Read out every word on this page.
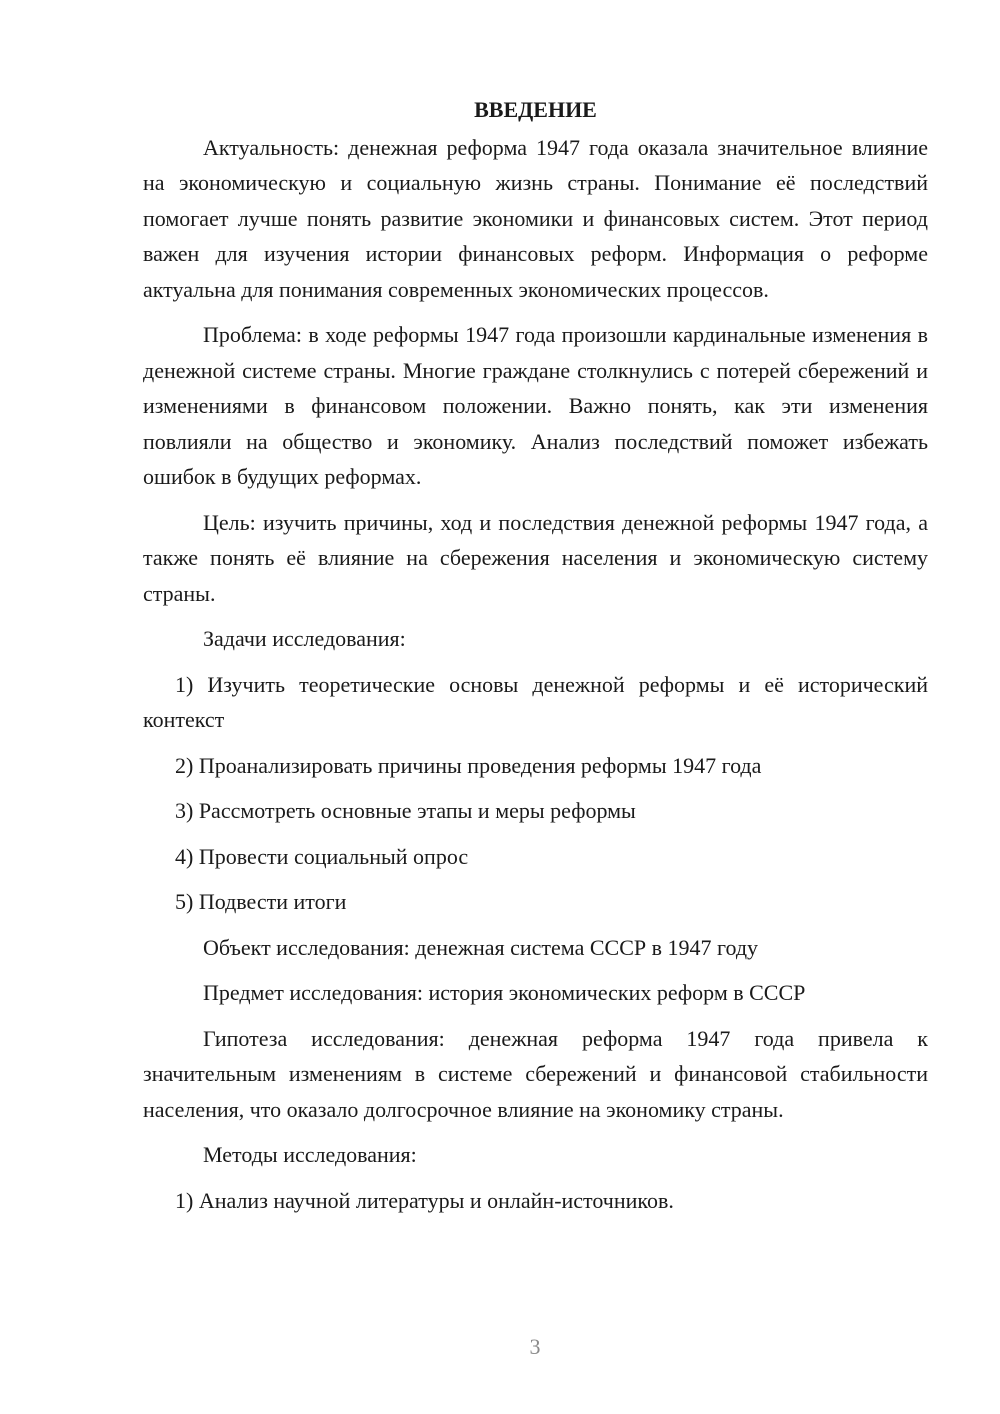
ВВЕДЕНИЕ

Актуальность: денежная реформа 1947 года оказала значительное влияние на экономическую и социальную жизнь страны. Понимание её последствий помогает лучше понять развитие экономики и финансовых систем. Этот период важен для изучения истории финансовых реформ. Информация о реформе актуальна для понимания современных экономических процессов.

Проблема: в ходе реформы 1947 года произошли кардинальные изменения в денежной системе страны. Многие граждане столкнулись с потерей сбережений и изменениями в финансовом положении. Важно понять, как эти изменения повлияли на общество и экономику. Анализ последствий поможет избежать ошибок в будущих реформах.

Цель: изучить причины, ход и последствия денежной реформы 1947 года, а также понять её влияние на сбережения населения и экономическую систему страны.

Задачи исследования:

1) Изучить теоретические основы денежной реформы и её исторический контекст

2) Проанализировать причины проведения реформы 1947 года

3) Рассмотреть основные этапы и меры реформы

4) Провести социальный опрос

5) Подвести итоги

Объект исследования: денежная система СССР в 1947 году

Предмет исследования: история экономических реформ в СССР

Гипотеза исследования: денежная реформа 1947 года привела к значительным изменениям в системе сбережений и финансовой стабильности населения, что оказало долгосрочное влияние на экономику страны.

Методы исследования:

1) Анализ научной литературы и онлайн-источников.

3
